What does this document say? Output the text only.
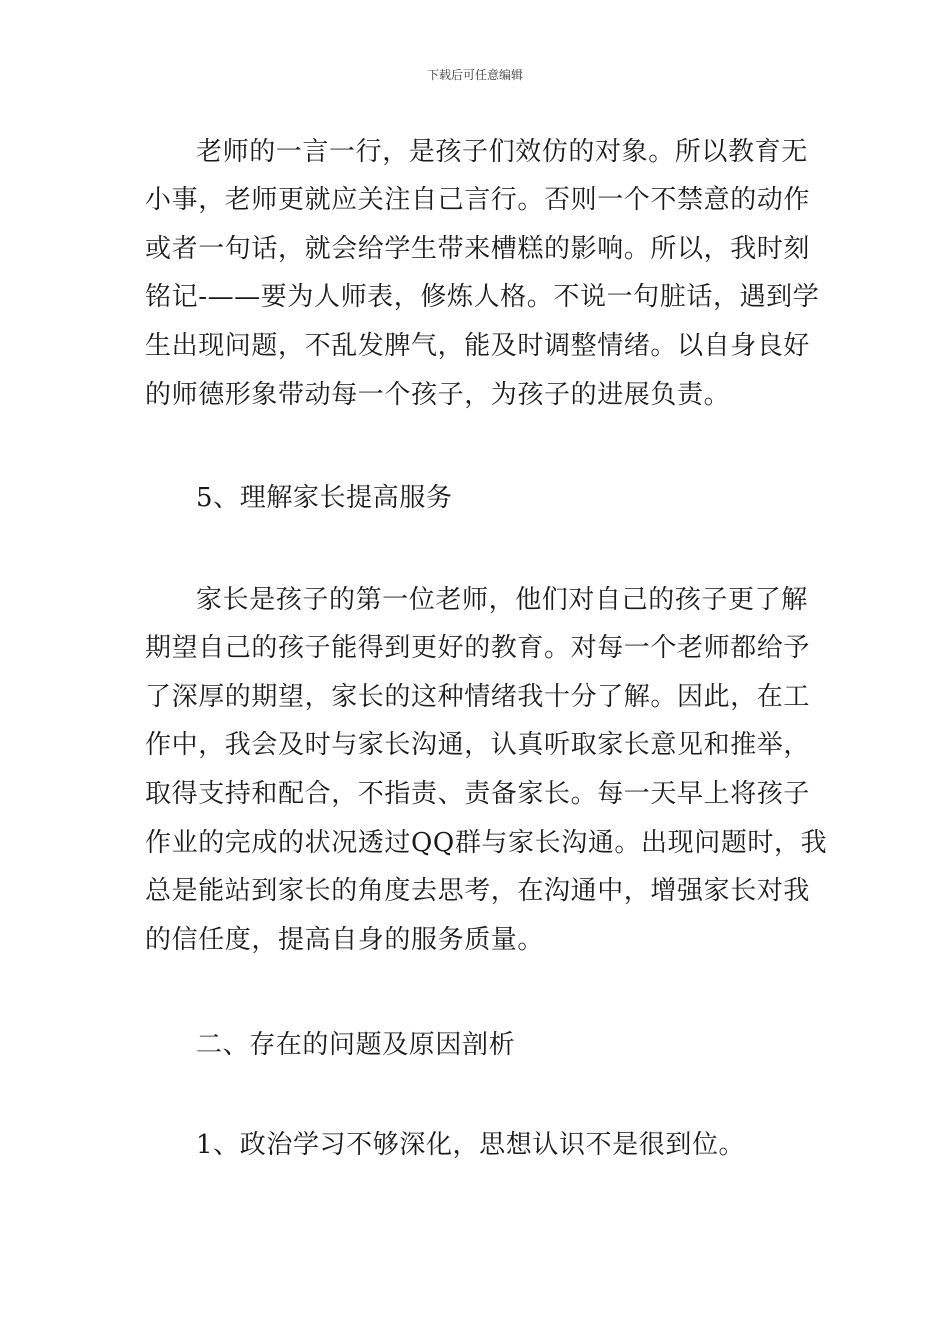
下载后可任意编辑
老师的一言一行，是孩子们效仿的对象。所以教育无
小事，老师更就应关注自己言行。否则一个不禁意的动作
或者一句话，就会给学生带来槽糕的影响。所以，我时刻
铭记-——要为人师表，修炼人格。不说一句脏话，遇到学
生出现问题，不乱发脾气，能及时调整情绪。以自身良好
的师德形象带动每一个孩子，为孩子的进展负责。
5、理解家长提高服务
家长是孩子的第一位老师，他们对自己的孩子更了解
期望自己的孩子能得到更好的教育。对每一个老师都给予
了深厚的期望，家长的这种情绪我十分了解。因此，在工
作中，我会及时与家长沟通，认真听取家长意见和推举，
取得支持和配合，不指责、责备家长。每一天早上将孩子
作业的完成的状况透过QQ群与家长沟通。出现问题时，我
总是能站到家长的角度去思考，在沟通中，增强家长对我
的信任度，提高自身的服务质量。
二、存在的问题及原因剖析
1、政治学习不够深化，思想认识不是很到位。
